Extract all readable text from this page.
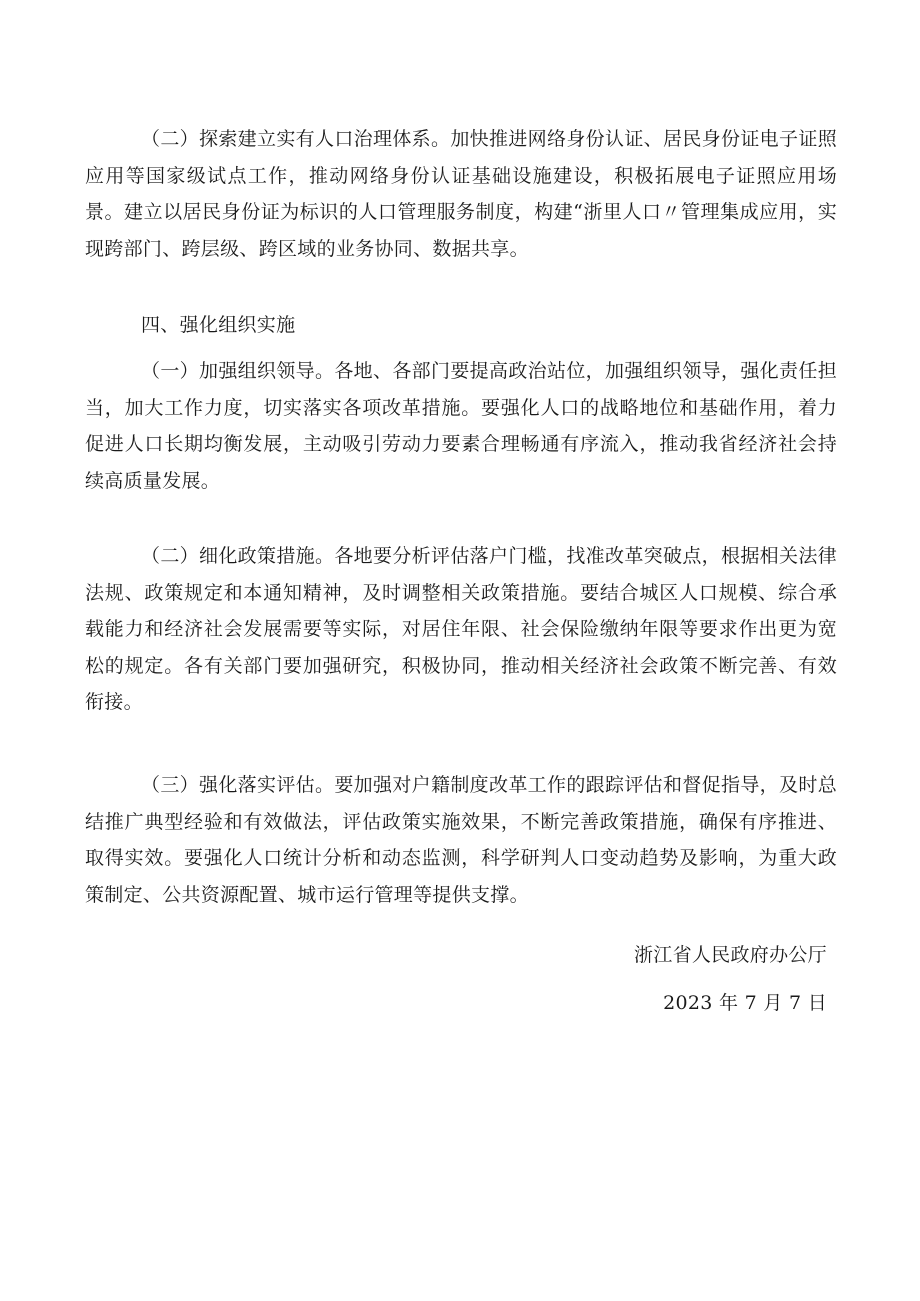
（二）探索建立实有人口治理体系。加快推进网络身份认证、居民身份证电子证照应用等国家级试点工作，推动网络身份认证基础设施建设，积极拓展电子证照应用场景。建立以居民身份证为标识的人口管理服务制度，构建“浙里人口〃管理集成应用，实现跨部门、跨层级、跨区域的业务协同、数据共享。

四、强化组织实施

（一）加强组织领导。各地、各部门要提高政治站位，加强组织领导，强化责任担当，加大工作力度，切实落实各项改革措施。要强化人口的战略地位和基础作用，着力促进人口长期均衡发展，主动吸引劳动力要素合理畅通有序流入，推动我省经济社会持续高质量发展。

（二）细化政策措施。各地要分析评估落户门槛，找准改革突破点，根据相关法律法规、政策规定和本通知精神，及时调整相关政策措施。要结合城区人口规模、综合承载能力和经济社会发展需要等实际，对居住年限、社会保险缴纳年限等要求作出更为宽松的规定。各有关部门要加强研究，积极协同，推动相关经济社会政策不断完善、有效衔接。

（三）强化落实评估。要加强对户籍制度改革工作的跟踪评估和督促指导，及时总结推广典型经验和有效做法，评估政策实施效果，不断完善政策措施，确保有序推进、取得实效。要强化人口统计分析和动态监测，科学研判人口变动趋势及影响，为重大政策制定、公共资源配置、城市运行管理等提供支撑。

浙江省人民政府办公厅

2023 年 7 月 7 日
